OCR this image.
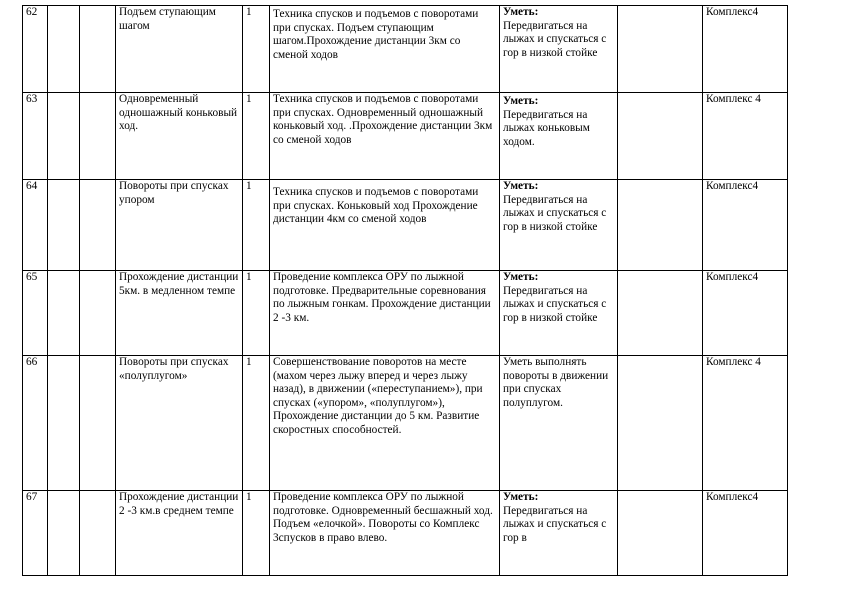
62			Подъем ступающим шагом	1	Техника спусков и подъемов с поворотами при спусках. Подъем ступающим шагом.Прохождение дистанции 3км со сменой ходов	Уметь:
Передвигаться на лыжах и спускаться с гор в низкой стойке		Комплекс4
63			Одновременный одношажный коньковый ход.	1	Техника спусков и подъемов с поворотами при спусках. Одновременный одношажный коньковый ход. .Прохождение дистанции 3км со сменой ходов	Уметь:
Передвигаться на лыжах коньковым ходом.		Комплекс 4
64			Повороты при спусках упором	1	Техника спусков и подъемов с поворотами при спусках. Коньковый ход Прохождение дистанции 4км со сменой ходов	Уметь:
Передвигаться на лыжах и спускаться с гор в низкой стойке		Комплекс4
65			Прохождение дистанции 5км. в медленном темпе	1	Проведение комплекса ОРУ по лыжной подготовке. Предварительные соревнования по лыжным гонкам. Прохождение дистанции 2 -3 км.	Уметь:
Передвигаться на лыжах и спускаться с гор в низкой стойке		Комплекс4
66			Повороты при спусках «полуплугом»	1	Совершенствование поворотов на месте (махом через лыжу вперед и через лыжу назад), в движении («переступанием»), при спусках («упором», «полуплугом»), Прохождение дистанции до 5 км. Развитие скоростных способностей.	Уметь выполнять повороты в движении при спусках полуплугом.		Комплекс 4
67			Прохождение дистанции 2 -3 км.в среднем темпе	1	Проведение комплекса ОРУ по лыжной подготовке. Одновременный бесшажный ход. Подъем «елочкой». Повороты со Комплекс 3спусков в право влево.	Уметь:
Передвигаться на лыжах и спускаться с гор в		Комплекс4
